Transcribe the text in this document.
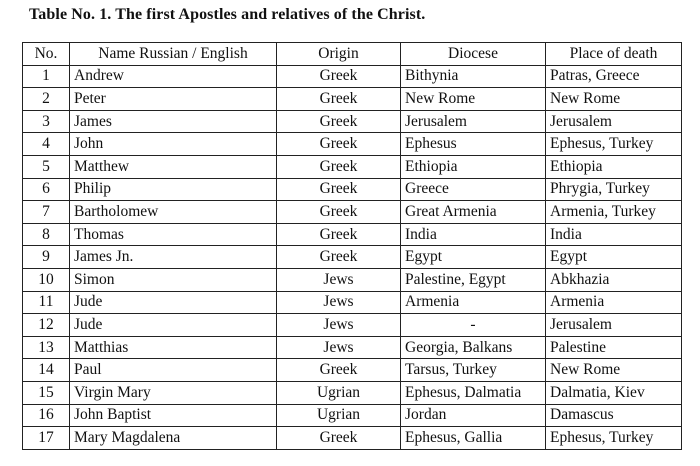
Table No. 1. The first Apostles and relatives of the Christ.
No.	Name Russian / English	Origin	Diocese	Place of death
1	Andrew	Greek	Bithynia	Patras, Greece
2	Peter	Greek	New Rome	New Rome
3	James	Greek	Jerusalem	Jerusalem
4	John	Greek	Ephesus	Ephesus, Turkey
5	Matthew	Greek	Ethiopia	Ethiopia
6	Philip	Greek	Greece	Phrygia, Turkey
7	Bartholomew	Greek	Great Armenia	Armenia, Turkey
8	Thomas	Greek	India	India
9	James Jn.	Greek	Egypt	Egypt
10	Simon	Jews	Palestine, Egypt	Abkhazia
11	Jude	Jews	Armenia	Armenia
12	Jude	Jews	-	Jerusalem
13	Matthias	Jews	Georgia, Balkans	Palestine
14	Paul	Greek	Tarsus, Turkey	New Rome
15	Virgin Mary	Ugrian	Ephesus, Dalmatia	Dalmatia, Kiev
16	John Baptist	Ugrian	Jordan	Damascus
17	Mary Magdalena	Greek	Ephesus, Gallia	Ephesus, Turkey
